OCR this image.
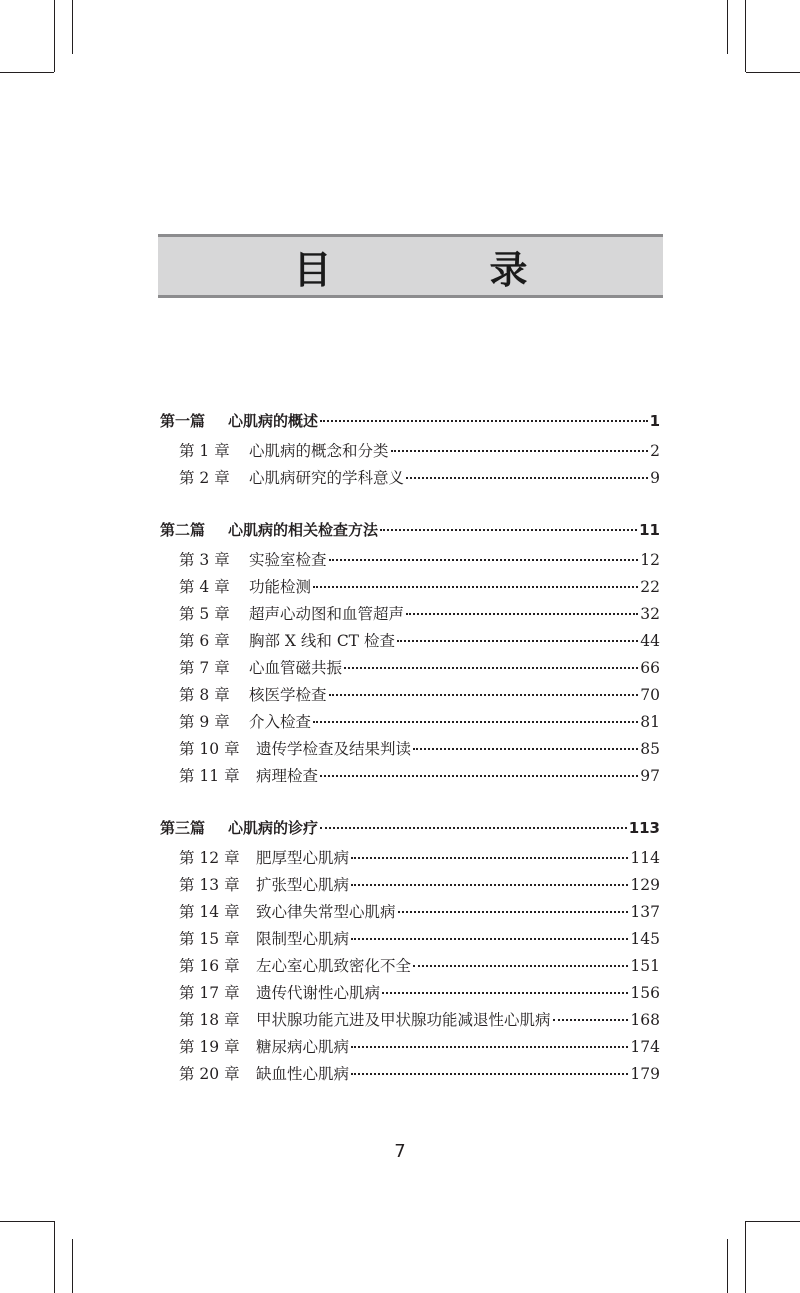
目　录
第一篇 心肌病的概述	1
第 1 章 心肌病的概念和分类	2
第 2 章 心肌病研究的学科意义	9
第二篇 心肌病的相关检查方法	11
第 3 章 实验室检查	12
第 4 章 功能检测	22
第 5 章 超声心动图和血管超声	32
第 6 章 胸部 X 线和 CT 检查	44
第 7 章 心血管磁共振	66
第 8 章 核医学检查	70
第 9 章 介入检查	81
第 10 章 遗传学检查及结果判读	85
第 11 章 病理检查	97
第三篇 心肌病的诊疗	113
第 12 章 肥厚型心肌病	114
第 13 章 扩张型心肌病	129
第 14 章 致心律失常型心肌病	137
第 15 章 限制型心肌病	145
第 16 章 左心室心肌致密化不全	151
第 17 章 遗传代谢性心肌病	156
第 18 章 甲状腺功能亢进及甲状腺功能减退性心肌病	168
第 19 章 糖尿病心肌病	174
第 20 章 缺血性心肌病	179
7
